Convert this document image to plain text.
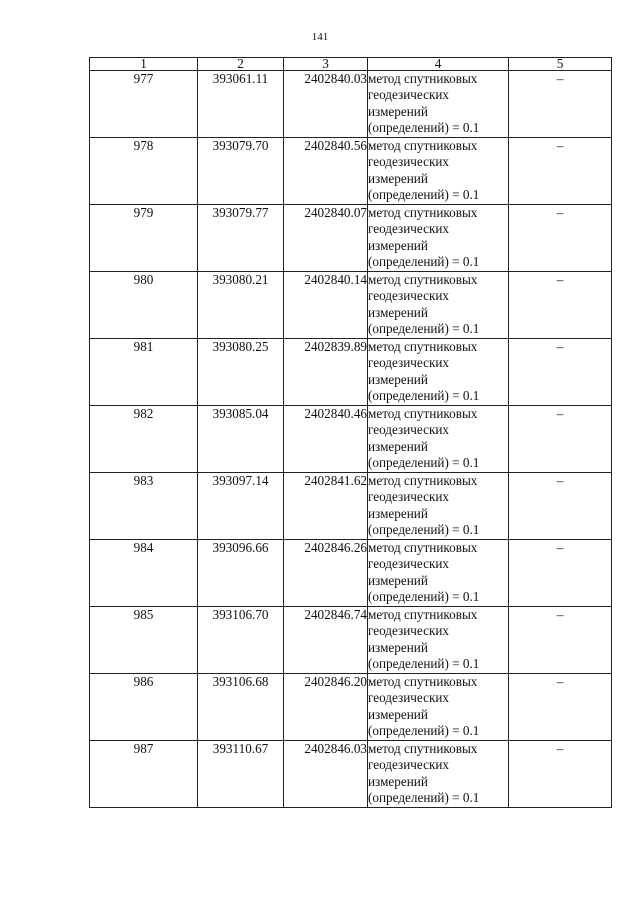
141
1	2	3	4	5
977	393061.11	2402840.03	метод спутниковых
геодезических
измерений
(определений) = 0.1	–
978	393079.70	2402840.56	метод спутниковых
геодезических
измерений
(определений) = 0.1	–
979	393079.77	2402840.07	метод спутниковых
геодезических
измерений
(определений) = 0.1	–
980	393080.21	2402840.14	метод спутниковых
геодезических
измерений
(определений) = 0.1	–
981	393080.25	2402839.89	метод спутниковых
геодезических
измерений
(определений) = 0.1	–
982	393085.04	2402840.46	метод спутниковых
геодезических
измерений
(определений) = 0.1	–
983	393097.14	2402841.62	метод спутниковых
геодезических
измерений
(определений) = 0.1	–
984	393096.66	2402846.26	метод спутниковых
геодезических
измерений
(определений) = 0.1	–
985	393106.70	2402846.74	метод спутниковых
геодезических
измерений
(определений) = 0.1	–
986	393106.68	2402846.20	метод спутниковых
геодезических
измерений
(определений) = 0.1	–
987	393110.67	2402846.03	метод спутниковых
геодезических
измерений
(определений) = 0.1	–
